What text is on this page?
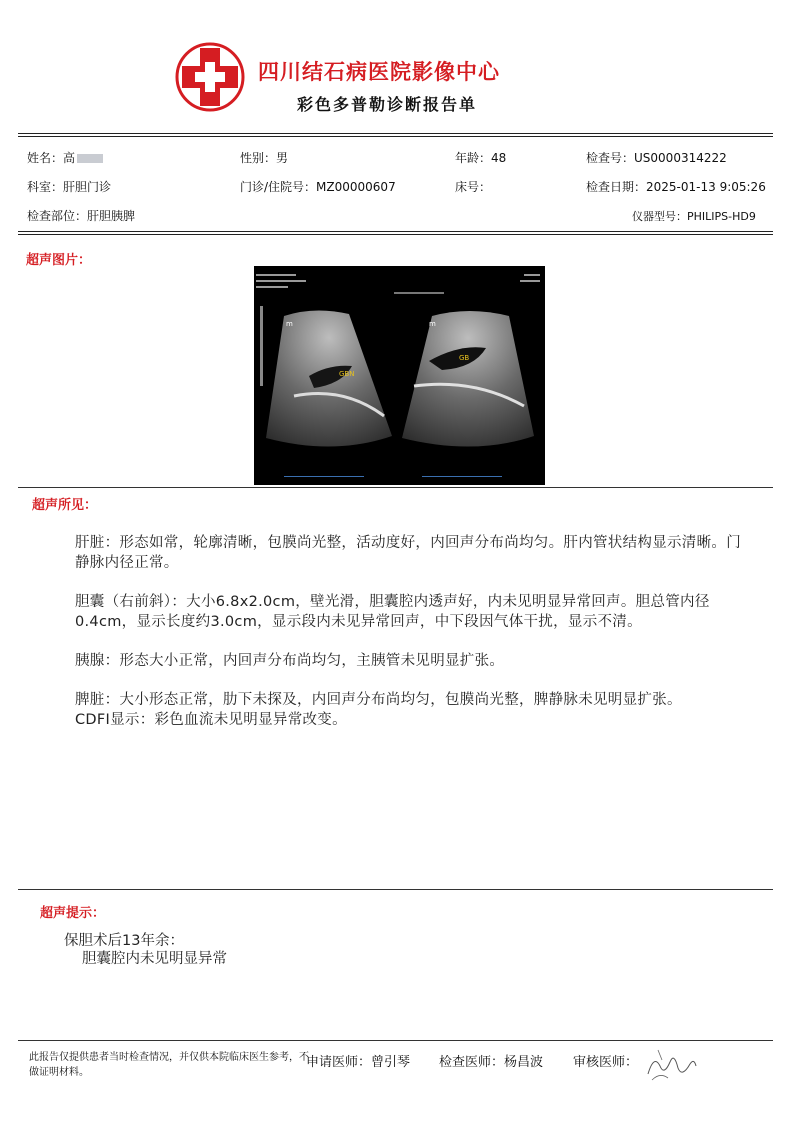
四川结石病医院影像中心
彩色多普勒诊断报告单
姓名：高	性别：男	年龄：48	检查号：US0000314222
科室：肝胆门诊	门诊/住院号：MZ00000607	床号：	检查日期：2025-01-13 9:05:26
检查部位：肝胆胰脾	仪器型号：PHILIPS-HD9
超声图片：
GBN
GB
m	m
超声所见：

肝脏：形态如常，轮廓清晰，包膜尚光整，活动度好，内回声分布尚均匀。肝内管状结构显示清晰。门静脉内径正常。

胆囊（右前斜）：大小6.8x2.0cm，壁光滑，胆囊腔内透声好，内未见明显异常回声。胆总管内径0.4cm，显示长度约3.0cm，显示段内未见异常回声，中下段因气体干扰，显示不清。

胰腺：形态大小正常，内回声分布尚均匀，主胰管未见明显扩张。

脾脏：大小形态正常，肋下未探及，内回声分布尚均匀，包膜尚光整，脾静脉未见明显扩张。

CDFI显示：彩色血流未见明显异常改变。

超声提示：
保胆术后13年余：
胆囊腔内未见明显异常
此报告仅提供患者当时检查情况，并仅供本院临床医生参考，不做证明材料。
申请医师：曾引琴 检查医师：杨昌波 审核医师：
